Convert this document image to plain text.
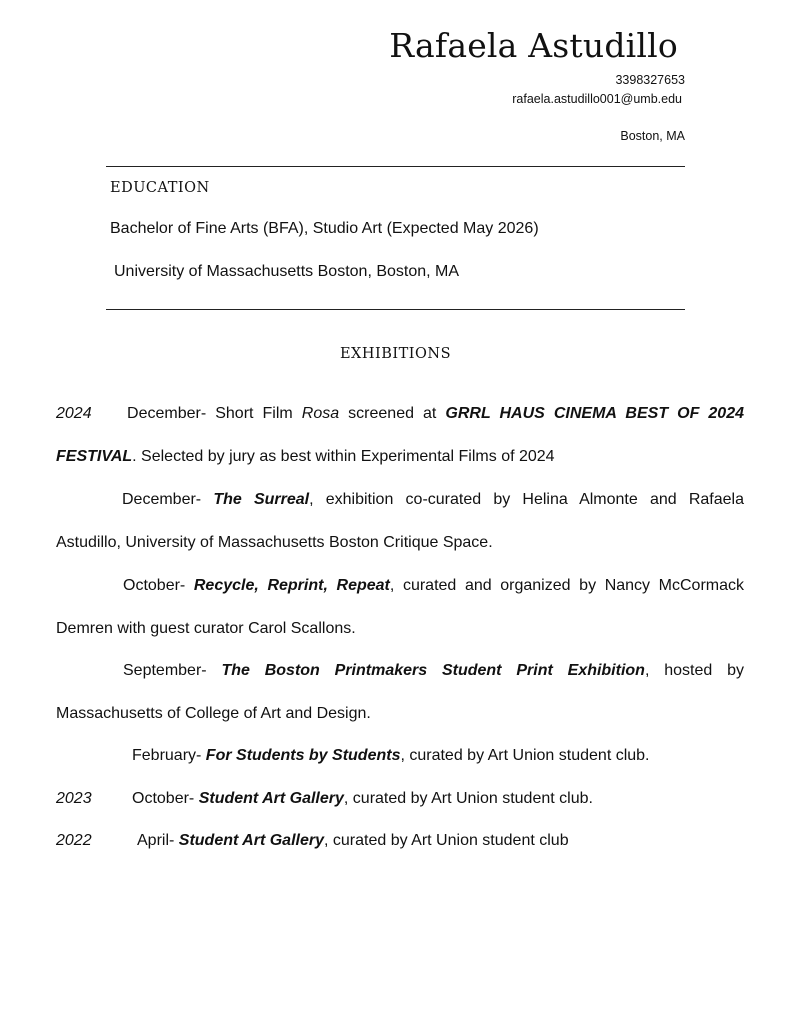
Rafaela Astudillo
3398327653
rafaela.astudillo001@umb.edu
Boston, MA
EDUCATION
Bachelor of Fine Arts (BFA), Studio Art (Expected May 2026)
University of Massachusetts Boston, Boston, MA
EXHIBITIONS
2024 December- Short Film Rosa screened at GRRL HAUS CINEMA BEST OF 2024
FESTIVAL. Selected by jury as best within Experimental Films of 2024
December- The Surreal, exhibition co-curated by Helina Almonte and Rafaela
Astudillo, University of Massachusetts Boston Critique Space.
October- Recycle, Reprint, Repeat, curated and organized by Nancy McCormack
Demren with guest curator Carol Scallons.
September- The Boston Printmakers Student Print Exhibition, hosted by
Massachusetts of College of Art and Design.
February- For Students by Students, curated by Art Union student club.
2023	October- Student Art Gallery, curated by Art Union student club.
2022	April- Student Art Gallery, curated by Art Union student club
